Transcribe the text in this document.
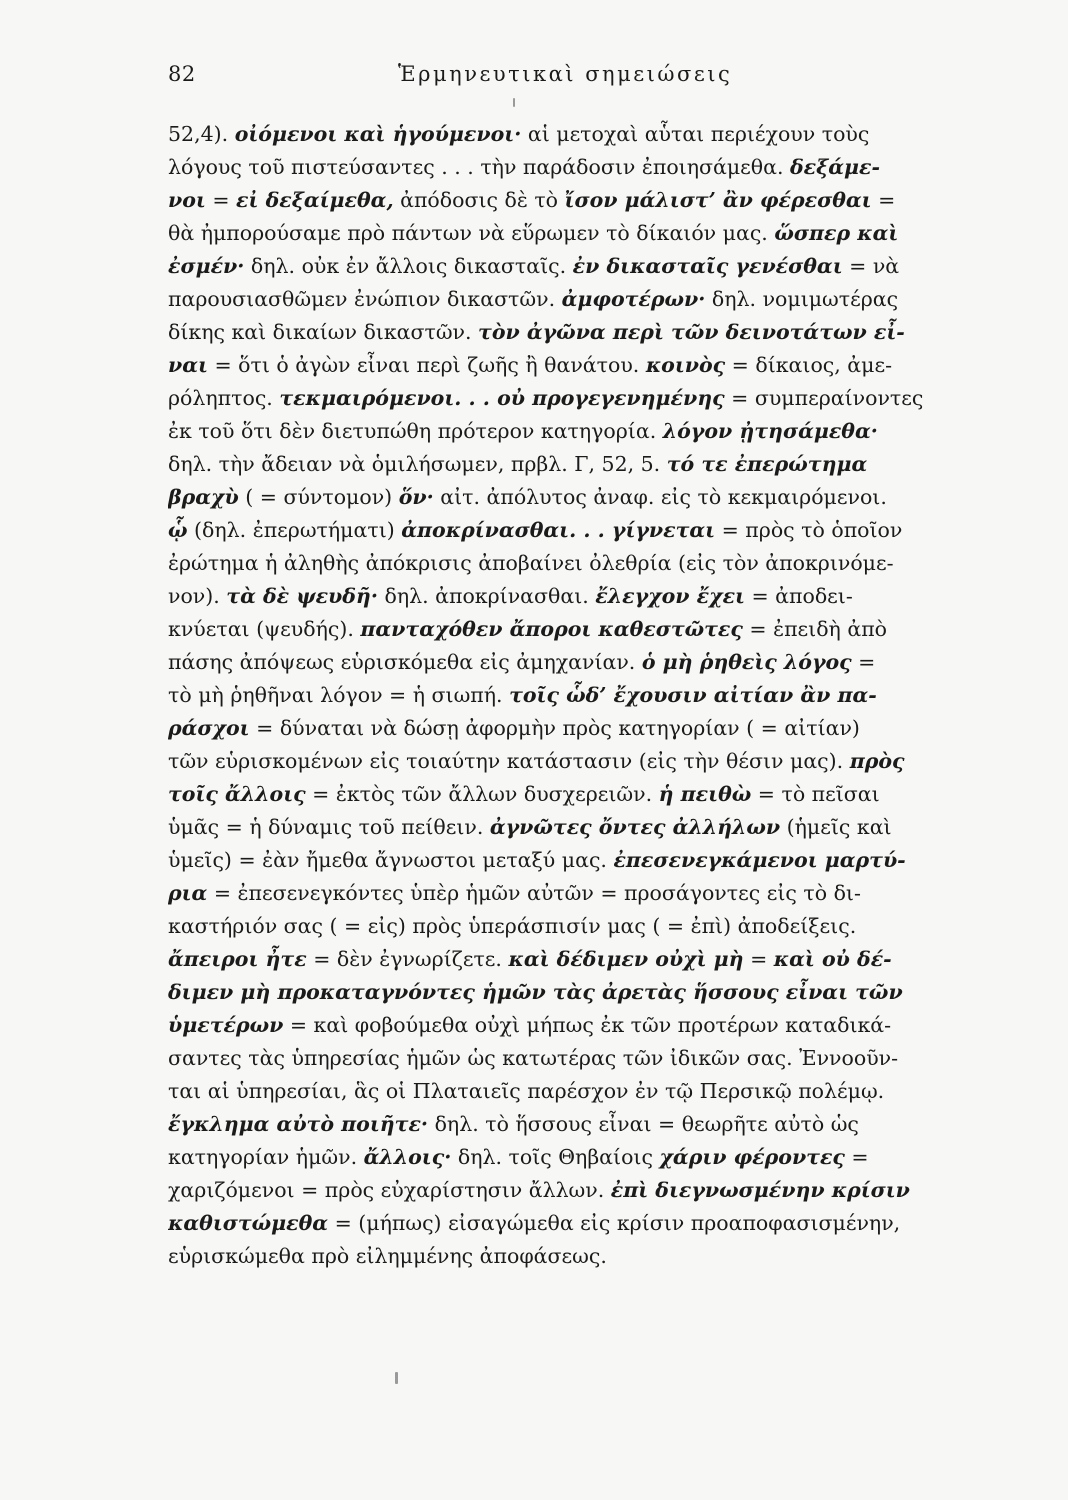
82	Ἑρμηνευτικαὶ σημειώσεις
52,4). οἰόμενοι καὶ ἡγούμενοι· αἱ μετοχαὶ αὗται περιέχουν τοὺς
λόγους τοῦ πιστεύσαντες . . . τὴν παράδοσιν ἐποιησάμεθα. δεξάμε-
νοι = εἰ δεξαίμεθα, ἀπόδοσις δὲ τὸ ἴσον μάλιστ’ ἂν φέρεσθαι =
θὰ ἠμπορούσαμε πρὸ πάντων νὰ εὕρωμεν τὸ δίκαιόν μας. ὥσπερ καὶ
ἐσμέν· δηλ. οὐκ ἐν ἄλλοις δικασταῖς. ἐν δικασταῖς γενέσθαι = νὰ
παρουσιασθῶμεν ἐνώπιον δικαστῶν. ἀμφοτέρων· δηλ. νομιμωτέρας
δίκης καὶ δικαίων δικαστῶν. τὸν ἀγῶνα περὶ τῶν δεινοτάτων εἶ-
ναι = ὅτι ὁ ἀγὼν εἶναι περὶ ζωῆς ἢ θανάτου. κοινὸς = δίκαιος, ἀμε-
ρόληπτος. τεκμαιρόμενοι. . . οὐ προγεγενημένης = συμπεραίνοντες
ἐκ τοῦ ὅτι δὲν διετυπώθη πρότερον κατηγορία. λόγον ᾐτησάμεθα·
δηλ. τὴν ἄδειαν νὰ ὁμιλήσωμεν, πρβλ. Γ, 52, 5. τό τε ἐπερώτημα
βραχὺ ( = σύντομον) ὅν· αἰτ. ἀπόλυτος ἀναφ. εἰς τὸ κεκμαιρόμενοι.
ᾧ (δηλ. ἐπερωτήματι) ἀποκρίνασθαι. . . γίγνεται = πρὸς τὸ ὁποῖον
ἐρώτημα ἡ ἀληθὴς ἀπόκρισις ἀποβαίνει ὀλεθρία (εἰς τὸν ἀποκρινόμε-
νον). τὰ δὲ ψευδῆ· δηλ. ἀποκρίνασθαι. ἔλεγχον ἔχει = ἀποδει-
κνύεται (ψευδής). πανταχόθεν ἄποροι καθεστῶτες = ἐπειδὴ ἀπὸ
πάσης ἀπόψεως εὑρισκόμεθα εἰς ἀμηχανίαν. ὁ μὴ ῥηθεὶς λόγος =
τὸ μὴ ῥηθῆναι λόγον = ἡ σιωπή. τοῖς ὧδ’ ἔχουσιν αἰτίαν ἂν πα-
ράσχοι = δύναται νὰ δώσῃ ἀφορμὴν πρὸς κατηγορίαν ( = αἰτίαν)
τῶν εὑρισκομένων εἰς τοιαύτην κατάστασιν (εἰς τὴν θέσιν μας). πρὸς
τοῖς ἄλλοις = ἐκτὸς τῶν ἄλλων δυσχερειῶν. ἡ πειθὼ = τὸ πεῖσαι
ὑμᾶς = ἡ δύναμις τοῦ πείθειν. ἀγνῶτες ὄντες ἀλλήλων (ἡμεῖς καὶ
ὑμεῖς) = ἐὰν ἤμεθα ἄγνωστοι μεταξύ μας. ἐπεσενεγκάμενοι μαρτύ-
ρια = ἐπεσενεγκόντες ὑπὲρ ἡμῶν αὐτῶν = προσάγοντες εἰς τὸ δι-
καστήριόν σας ( = εἰς) πρὸς ὑπεράσπισίν μας ( = ἐπὶ) ἀποδείξεις.
ἄπειροι ἦτε = δὲν ἐγνωρίζετε. καὶ δέδιμεν οὐχὶ μὴ = καὶ οὐ δέ-
διμεν μὴ προκαταγνόντες ἡμῶν τὰς ἀρετὰς ἥσσους εἶναι τῶν
ὑμετέρων = καὶ φοβούμεθα οὐχὶ μήπως ἐκ τῶν προτέρων καταδικά-
σαντες τὰς ὑπηρεσίας ἡμῶν ὡς κατωτέρας τῶν ἰδικῶν σας. Ἐννοοῦν-
ται αἱ ὑπηρεσίαι, ἃς οἱ Πλαταιεῖς παρέσχον ἐν τῷ Περσικῷ πολέμῳ.
ἔγκλημα αὐτὸ ποιῆτε· δηλ. τὸ ἥσσους εἶναι = θεωρῆτε αὐτὸ ὡς
κατηγορίαν ἡμῶν. ἄλλοις· δηλ. τοῖς Θηβαίοις χάριν φέροντες =
χαριζόμενοι = πρὸς εὐχαρίστησιν ἄλλων. ἐπὶ διεγνωσμένην κρίσιν
καθιστώμεθα = (μήπως) εἰσαγώμεθα εἰς κρίσιν προαποφασισμένην,
εὑρισκώμεθα πρὸ εἰλημμένης ἀποφάσεως.
